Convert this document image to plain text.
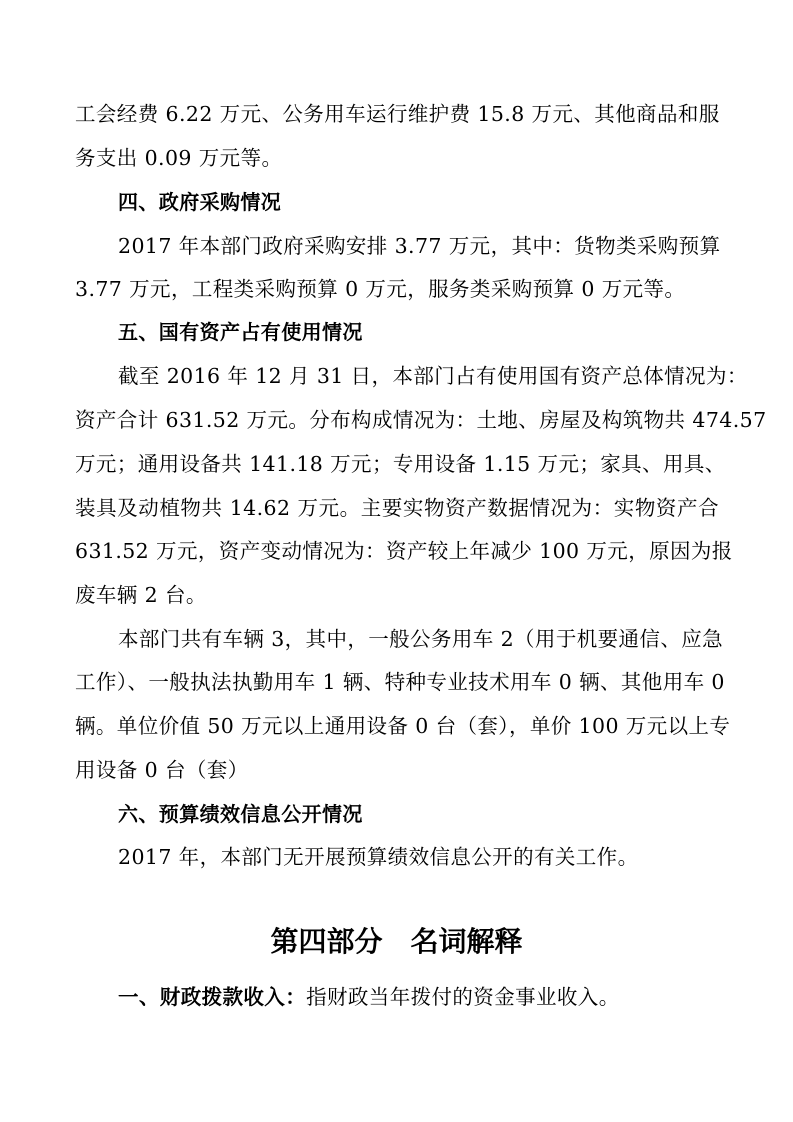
工会经费 6.22 万元、公务用车运行维护费 15.8 万元、其他商品和服
务支出 0.09 万元等。
四、政府采购情况
2017 年本部门政府采购安排 3.77 万元，其中：货物类采购预算
3.77 万元，工程类采购预算 0 万元，服务类采购预算 0 万元等。
五、国有资产占有使用情况
截至 2016 年 12 月 31 日，本部门占有使用国有资产总体情况为：
资产合计 631.52 万元。分布构成情况为：土地、房屋及构筑物共 474.57
万元；通用设备共 141.18 万元；专用设备 1.15 万元；家具、用具、
装具及动植物共 14.62 万元。主要实物资产数据情况为：实物资产合
631.52 万元，资产变动情况为：资产较上年减少 100 万元，原因为报
废车辆 2 台。
本部门共有车辆 3，其中，一般公务用车 2（用于机要通信、应急
工作）、一般执法执勤用车 1 辆、特种专业技术用车 0 辆、其他用车 0
辆。单位价值 50 万元以上通用设备 0 台（套），单价 100 万元以上专
用设备 0 台（套）
六、预算绩效信息公开情况
2017 年，本部门无开展预算绩效信息公开的有关工作。
第四部分　名词解释
一、财政拨款收入：指财政当年拨付的资金事业收入。
